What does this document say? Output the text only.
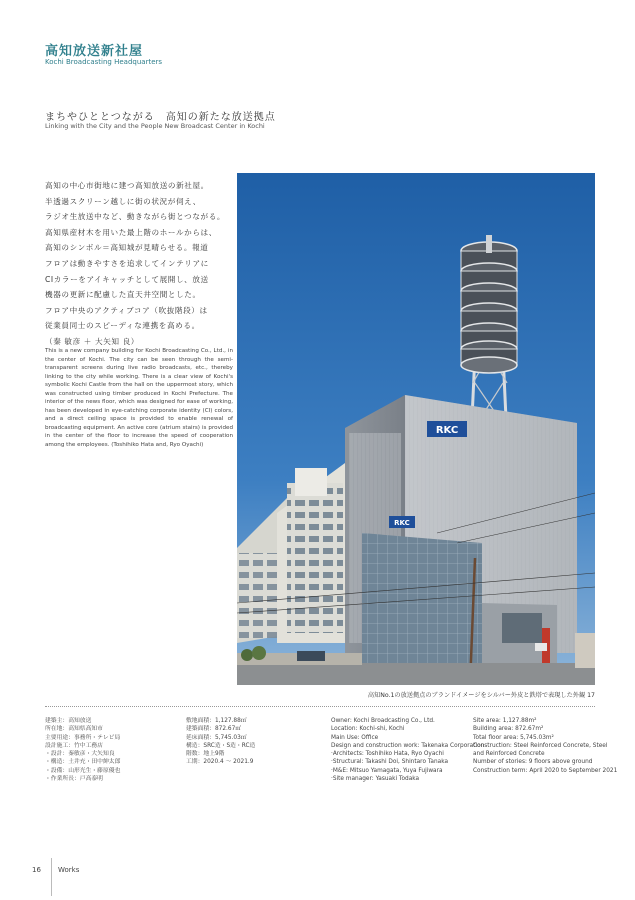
高知放送新社屋
Kochi Broadcasting Headquarters
まちやひととつながる　高知の新たな放送拠点
Linking with the City and the People New Broadcast Center in Kochi
高知の中心市街地に建つ高知放送の新社屋。
半透過スクリーン越しに街の状況が伺え、
ラジオ生放送中など、動きながら街とつながる。
高知県産材木を用いた最上階のホールからは、
高知のシンボル＝高知城が見晴らせる。報道
フロアは動きやすさを追求してインテリアに
CIカラーをアイキャッチとして展開し、放送
機器の更新に配慮した直天井空間とした。
フロア中央のアクティブコア（吹抜階段）は
従業員同士のスピーディな連携を高める。
（秦 敏彦 ＋ 大矢知 良）
This is a new company building for Kochi Broadcasting Co., Ltd., in the center of Kochi. The city can be seen through the semi-transparent screens during live radio broadcasts, etc., thereby linking to the city while working. There is a clear view of Kochi's symbolic Kochi Castle from the hall on the uppermost story, which was constructed using timber produced in Kochi Prefecture. The interior of the news floor, which was designed for ease of working, has been developed in eye-catching corporate identity (CI) colors, and a direct ceiling space is provided to enable renewal of broadcasting equipment. An active core (atrium stairs) is provided in the center of the floor to increase the speed of cooperation among the employees. (Toshihiko Hata and, Ryo Oyachi)
RKC
RKC
高知No.1の放送拠点のブランドイメージをシルバー外皮と鉄塔で表現した外観 17
建築主：高知放送
所在地：高知県高知市
主要用途：事務所・テレビ局
設計施工：竹中工務店
・設計：秦敏彦・大矢知良
・構造：土井充・田中紳太郎
・設備：山形光生・藤原優也
・作業所長：戸高泰明
敷地面積：1,127.88㎡
建築面積：872.67㎡
延床面積：5,745.03㎡
構造：SRC造・S造・RC造
階数：地上9階
工期：2020.4 ～ 2021.9
Owner: Kochi Broadcasting Co., Ltd.
Location: Kochi-shi, Kochi
Main Use: Office
Design and construction work: Takenaka Corporation
·Architects: Toshihiko Hata, Ryo Oyachi
·Structural: Takashi Doi, Shintaro Tanaka
·M&E: Mitsuo Yamagata, Yuya Fujiwara
·Site manager: Yasuaki Todaka
Site area: 1,127.88m²
Building area: 872.67m²
Total floor area: 5,745.03m²
Construction: Steel Reinforced Concrete, Steel
and Reinforced Concrete
Number of stories: 9 floors above ground
Construction term: April 2020 to September 2021
16 Works
